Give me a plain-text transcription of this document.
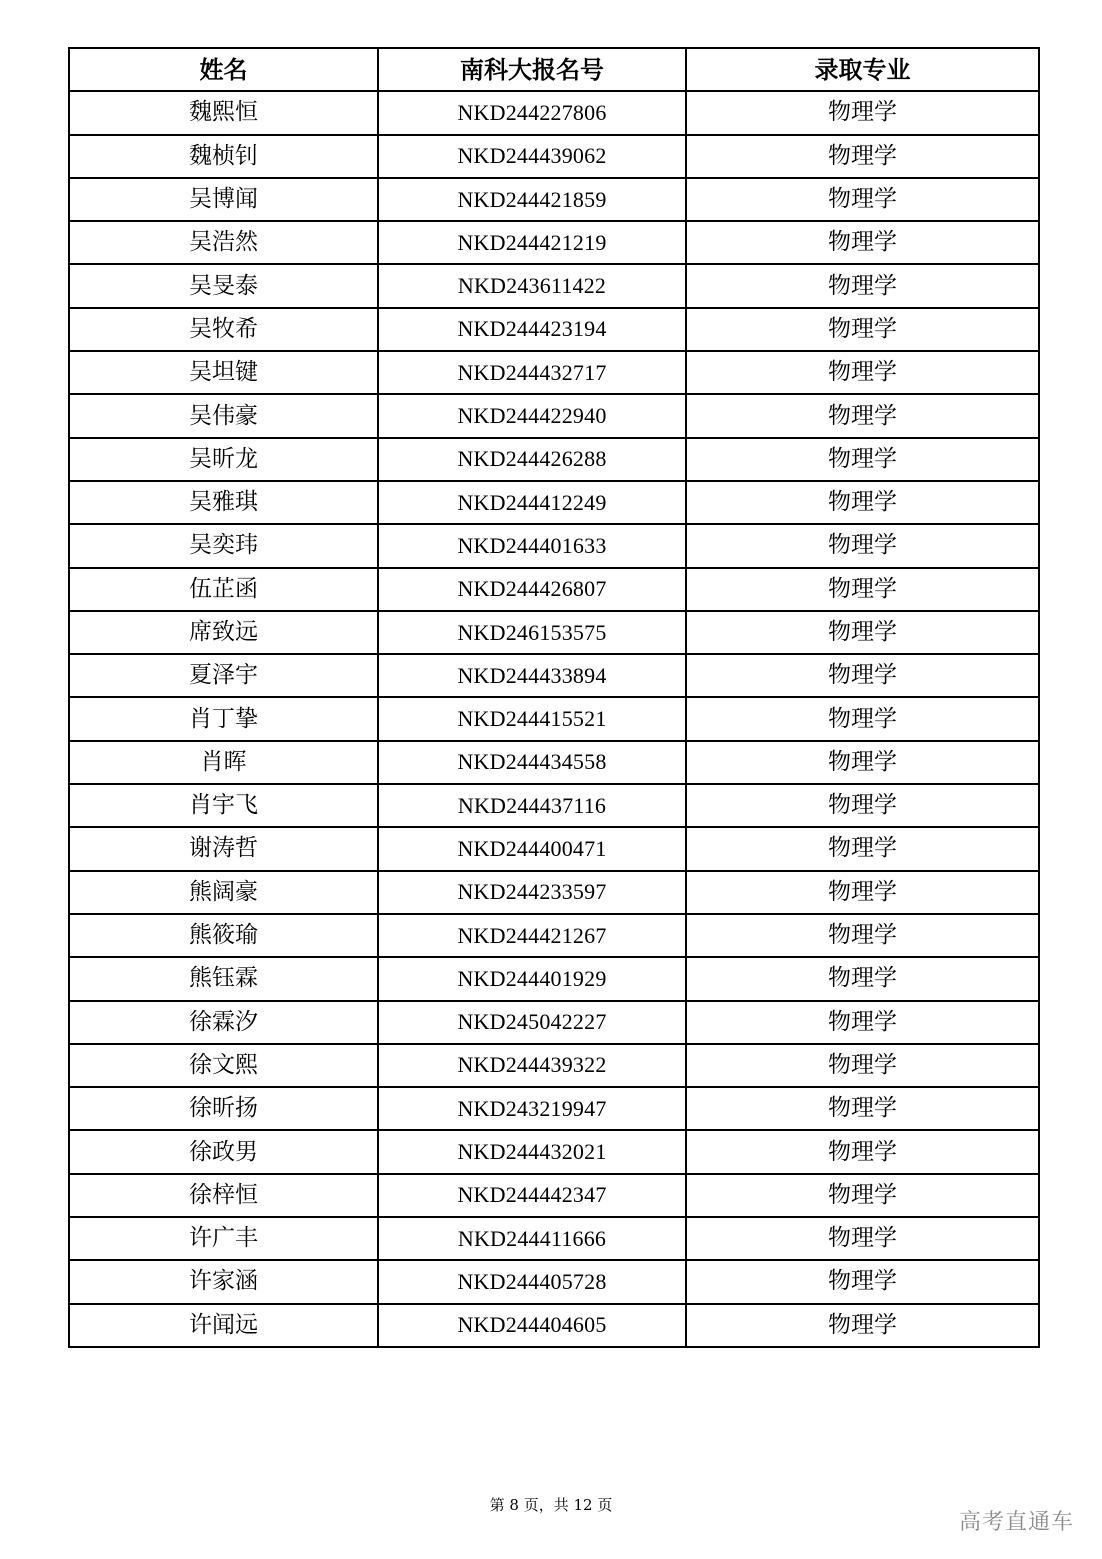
姓名	南科大报名号	录取专业
魏熙恒	NKD244227806	物理学
魏桢钊	NKD244439062	物理学
吴博闻	NKD244421859	物理学
吴浩然	NKD244421219	物理学
吴旻泰	NKD243611422	物理学
吴牧希	NKD244423194	物理学
吴坦键	NKD244432717	物理学
吴伟豪	NKD244422940	物理学
吴昕龙	NKD244426288	物理学
吴雅琪	NKD244412249	物理学
吴奕玮	NKD244401633	物理学
伍芷函	NKD244426807	物理学
席致远	NKD246153575	物理学
夏泽宇	NKD244433894	物理学
肖丁挚	NKD244415521	物理学
肖晖	NKD244434558	物理学
肖宇飞	NKD244437116	物理学
谢涛哲	NKD244400471	物理学
熊阔豪	NKD244233597	物理学
熊筱瑜	NKD244421267	物理学
熊钰霖	NKD244401929	物理学
徐霖汐	NKD245042227	物理学
徐文熙	NKD244439322	物理学
徐昕扬	NKD243219947	物理学
徐政男	NKD244432021	物理学
徐梓恒	NKD244442347	物理学
许广丰	NKD244411666	物理学
许家涵	NKD244405728	物理学
许闻远	NKD244404605	物理学
第 8 页，共 12 页
高考直通车
